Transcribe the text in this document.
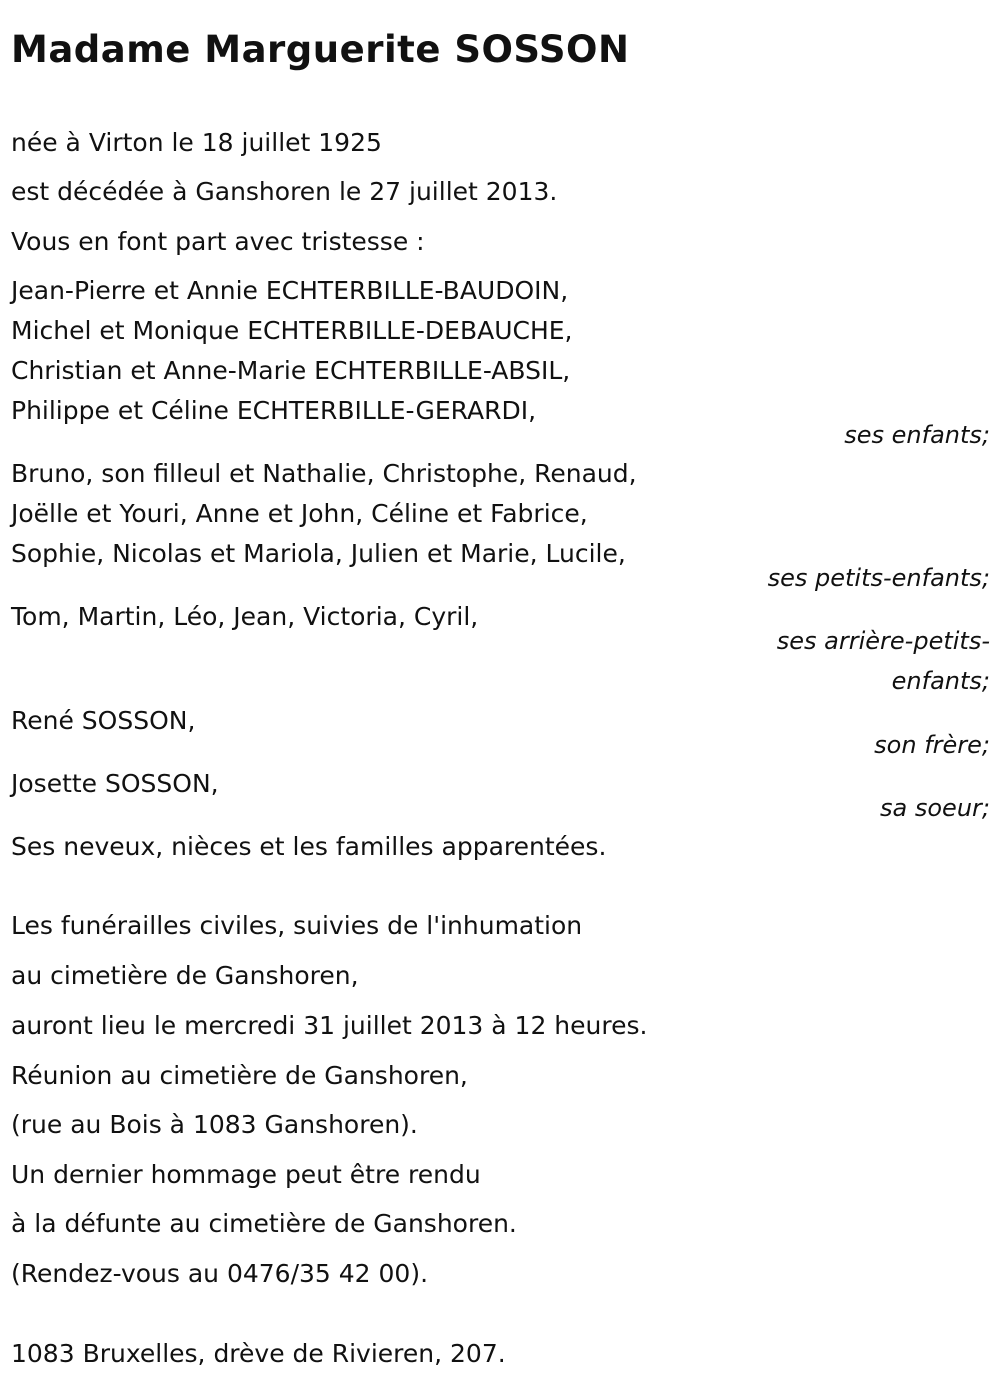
Madame Marguerite SOSSON
née à Virton le 18 juillet 1925
est décédée à Ganshoren le 27 juillet 2013.
Vous en font part avec tristesse :
Jean-Pierre et Annie ECHTERBILLE-BAUDOIN,
Michel et Monique ECHTERBILLE-DEBAUCHE,
Christian et Anne-Marie ECHTERBILLE-ABSIL,
Philippe et Céline ECHTERBILLE-GERARDI,
ses enfants;
Bruno, son filleul et Nathalie, Christophe, Renaud,
Joëlle et Youri, Anne et John, Céline et Fabrice,
Sophie, Nicolas et Mariola, Julien et Marie, Lucile,
ses petits-enfants;
Tom, Martin, Léo, Jean, Victoria, Cyril,
ses arrière-petits-
enfants;
René SOSSON,
son frère;
Josette SOSSON,
sa soeur;
Ses neveux, nièces et les familles apparentées.
Les funérailles civiles, suivies de l'inhumation
au cimetière de Ganshoren,
auront lieu le mercredi 31 juillet 2013 à 12 heures.
Réunion au cimetière de Ganshoren,
(rue au Bois à 1083 Ganshoren).
Un dernier hommage peut être rendu
à la défunte au cimetière de Ganshoren.
(Rendez-vous au 0476/35 42 00).
1083 Bruxelles, drève de Rivieren, 207.
